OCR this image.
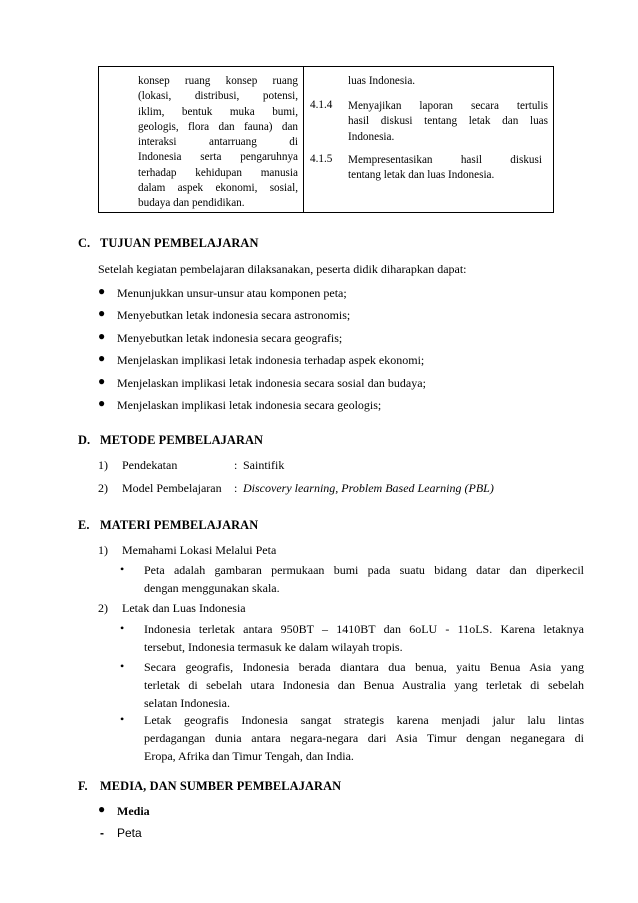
konsep ruang konsep ruang
(lokasi, distribusi, potensi,
iklim, bentuk muka bumi,
geologis, flora dan fauna) dan
interaksi antarruang di
Indonesia serta pengaruhnya
terhadap kehidupan manusia
dalam aspek ekonomi, sosial,
budaya dan pendidikan.
luas Indonesia.
4.1.4 Menyajikan laporan secara tertulis
hasil diskusi tentang letak dan luas
Indonesia.
4.1.5 Mempresentasikan hasil diskusi
tentang letak dan luas Indonesia.
C. TUJUAN PEMBELAJARAN
Setelah kegiatan pembelajaran dilaksanakan, peserta didik diharapkan dapat:
● Menunjukkan unsur-unsur atau komponen peta;
● Menyebutkan letak indonesia secara astronomis;
● Menyebutkan letak indonesia secara geografis;
● Menjelaskan implikasi letak indonesia terhadap aspek ekonomi;
● Menjelaskan implikasi letak indonesia secara sosial dan budaya;
● Menjelaskan implikasi letak indonesia secara geologis;
D. METODE PEMBELAJARAN
1) Pendekatan	: Saintifik
2) Model Pembelajaran : Discovery learning, Problem Based Learning (PBL)
E. MATERI PEMBELAJARAN
1) Memahami Lokasi Melalui Peta
• Peta adalah gambaran permukaan bumi pada suatu bidang datar dan diperkecil
dengan menggunakan skala.
2) Letak dan Luas Indonesia
• Indonesia terletak antara 950BT – 1410BT dan 6oLU - 11oLS. Karena letaknya
tersebut, Indonesia termasuk ke dalam wilayah tropis.
• Secara geografis, Indonesia berada diantara dua benua, yaitu Benua Asia yang
terletak di sebelah utara Indonesia dan Benua Australia yang terletak di sebelah
selatan Indonesia.
• Letak geografis Indonesia sangat strategis karena menjadi jalur lalu lintas
perdagangan dunia antara negara-negara dari Asia Timur dengan neganegara di
Eropa, Afrika dan Timur Tengah, dan India.
F. MEDIA, DAN SUMBER PEMBELAJARAN
● Media
- Peta
